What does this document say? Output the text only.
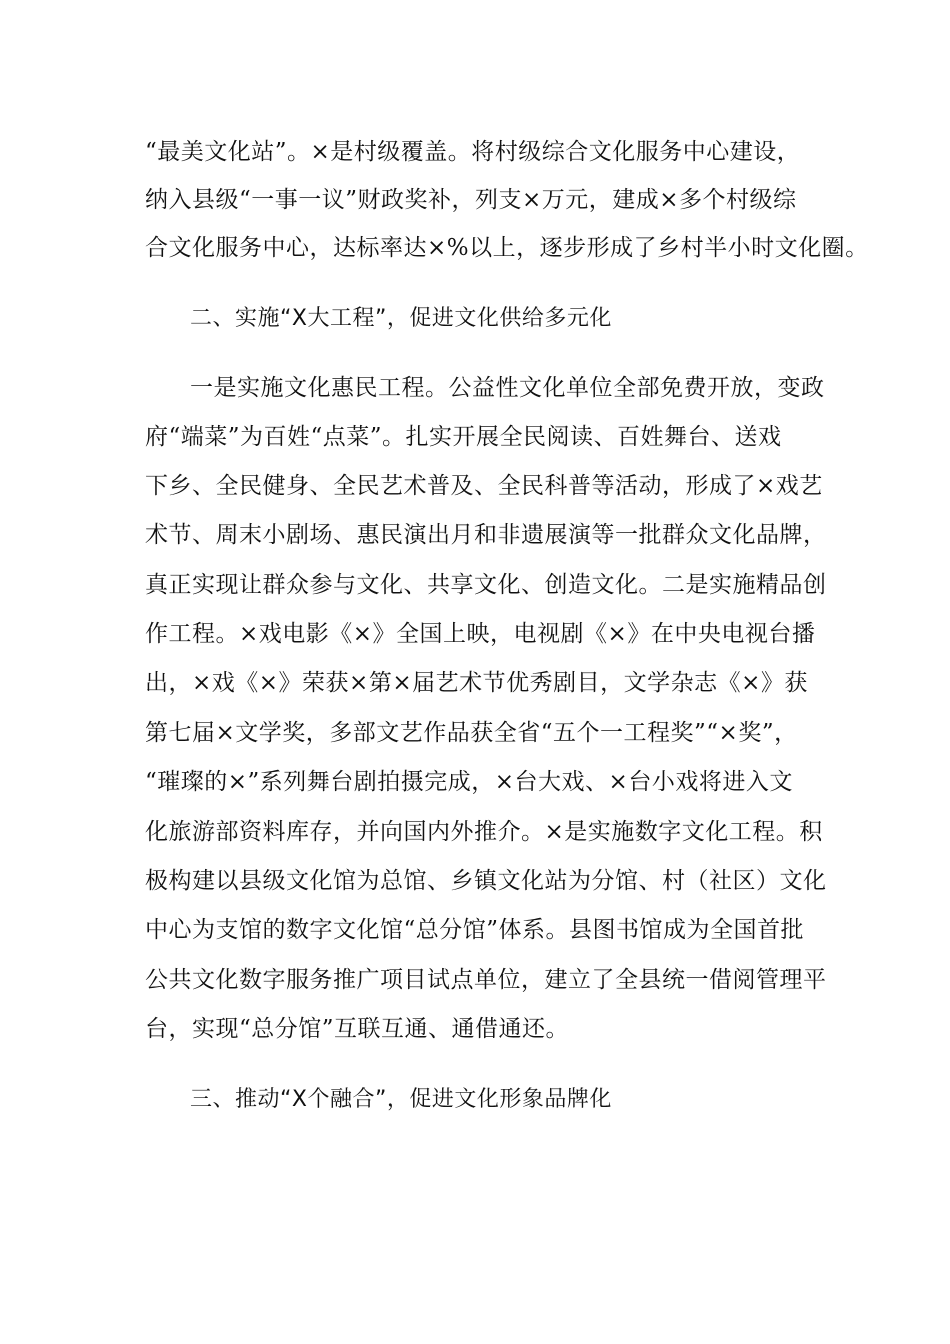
“最美文化站”。×是村级覆盖。将村级综合文化服务中心建设，
纳入县级“一事一议”财政奖补，列支×万元，建成×多个村级综
合文化服务中心，达标率达×%以上，逐步形成了乡村半小时文化圈。
二、实施“X大工程”，促进文化供给多元化
一是实施文化惠民工程。公益性文化单位全部免费开放，变政
府“端菜”为百姓“点菜”。扎实开展全民阅读、百姓舞台、送戏
下乡、全民健身、全民艺术普及、全民科普等活动，形成了×戏艺
术节、周末小剧场、惠民演出月和非遗展演等一批群众文化品牌，
真正实现让群众参与文化、共享文化、创造文化。二是实施精品创
作工程。×戏电影《×》全国上映，电视剧《×》在中央电视台播
出，×戏《×》荣获×第×届艺术节优秀剧目，文学杂志《×》获
第七届×文学奖，多部文艺作品获全省“五个一工程奖”“×奖”，
“璀璨的×”系列舞台剧拍摄完成，×台大戏、×台小戏将进入文
化旅游部资料库存，并向国内外推介。×是实施数字文化工程。积
极构建以县级文化馆为总馆、乡镇文化站为分馆、村（社区）文化
中心为支馆的数字文化馆“总分馆”体系。县图书馆成为全国首批
公共文化数字服务推广项目试点单位，建立了全县统一借阅管理平
台，实现“总分馆”互联互通、通借通还。
三、推动“X个融合”，促进文化形象品牌化
